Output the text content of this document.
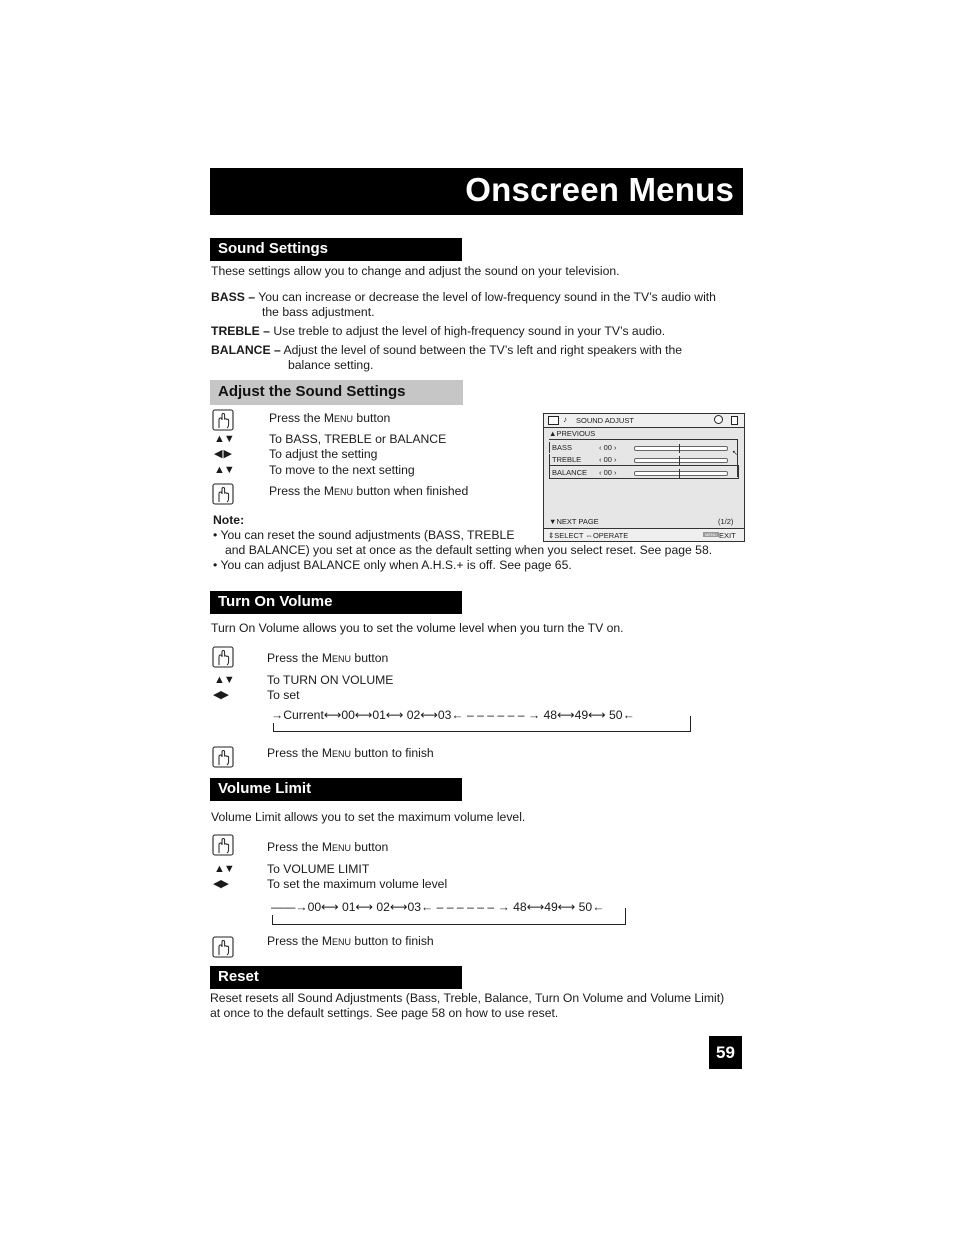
Onscreen Menus
Sound Settings
These settings allow you to change and adjust the sound on your television.
BASS – You can increase or decrease the level of low-frequency sound in the TV’s audio with
the bass adjustment.
TREBLE – Use treble to adjust the level of high-frequency sound in your TV’s audio.
BALANCE – Adjust the level of sound between the TV’s left and right speakers with the
balance setting.
Adjust the Sound Settings
Press the Menu button
▲▼	To BASS, TREBLE or BALANCE
◀ ▶	To adjust the setting
▲▼	To move to the next setting
Press the Menu button when finished
Note:
• You can reset the sound adjustments (BASS, TREBLE
and BALANCE) you set at once as the default setting when you select reset. See page 58.
• You can adjust BALANCE only when A.H.S.+ is off. See page 65.
♪ SOUND ADJUST
▲PREVIOUS
BASS	‹ 00 ›
TREBLE ‹ 00 ›
BALANCE ‹ 00 ›
↖
▼NEXT PAGE	(1/2)
⇕SELECT ⇔OPERATE	MENU EXIT
Turn On Volume
Turn On Volume allows you to set the volume level when you turn the TV on.
Press the Menu button
▲▼	To TURN ON VOLUME
◀▶	To set
→Current⟷00⟷01⟷ 02⟷03← – – – – – – → 48⟷49⟷ 50←
Press the Menu button to finish
Volume Limit
Volume Limit allows you to set the maximum volume level.
Press the Menu button
▲▼	To VOLUME LIMIT
◀▶	To set the maximum volume level
——→00⟷ 01⟷ 02⟷03← – – – – – – → 48⟷49⟷ 50←
Press the Menu button to finish
Reset
Reset resets all Sound Adjustments (Bass, Treble, Balance, Turn On Volume and Volume Limit)
at once to the default settings. See page 58 on how to use reset.
59
